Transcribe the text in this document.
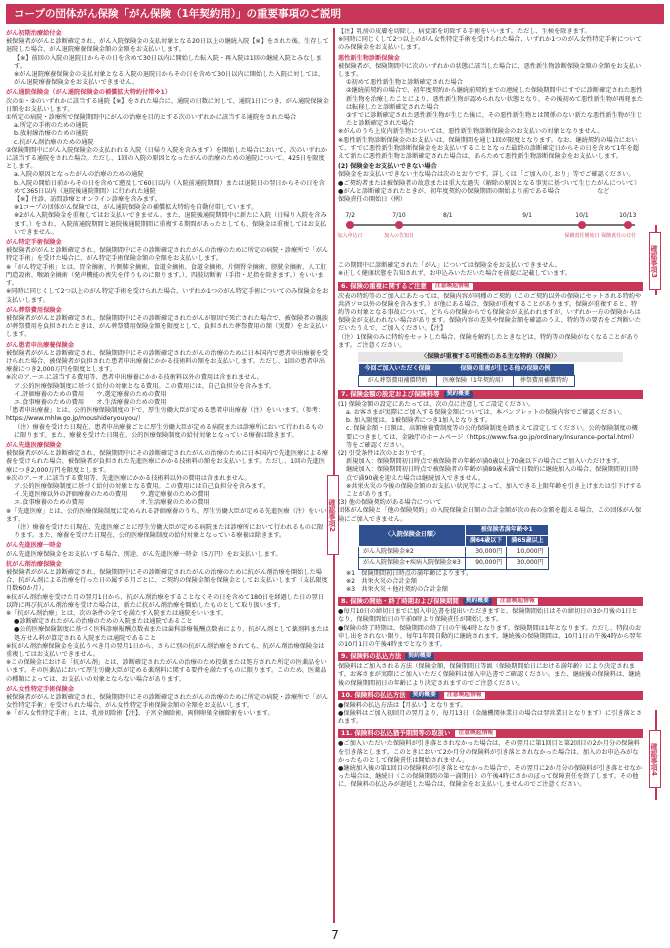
コープの団体がん保険「がん保険（1年契約用）」の重要事項のご説明
確認事項2
確認事項3
確認事項4
がん初期治療給付金

被保険者ががんと診断確定され、がん入院保険金の支払対象となる20日以上の継続入院【※】をされた後、生存して退院した場合、がん退院療養保険金額の金額をお支払いします。

【※】前回の入院の退院日からその日を含めて30日以内に開始した転入院・再入院は1回の継続入院とみなします。

※がん退院療養保険金の支払対象となる入院の退院日からその日を含めて30日以内に開始した入院に対しては、がん退院療養保険金をお支払いできません。

がん通院保険金（がん通院保険金の補償拡大特約付帯※1）

次の①・②のいずれかに該当する通院【※】をされた場合に、通院の日数に対して、通院1日につき、がん通院保険金日額をお支払いします。

①所定の病院・診療所で保険期間中にがんの治療を目的とする次のいずれかに該当する通院をされた場合

a.所定の手術のための通院

b.放射線治療のための通院

c.抗がん剤治療のための通院

②保険期間中にがん入院保険金の支払われる入院（日帰り入院を含みます）を開始した場合において、次のいずれかに該当する通院をされた場合。ただし、1回の入院の原因となったがんの治療のための通院について、425日を限度とします。

a.入院の原因となったがんの治療のための通院

b.入院の開始日前からその日を含めて遡及して60日以内（入院前通院期間）または退院日の翌日からその日を含めて365日以内（退院後通院期間）に行われた通院

【※】往診、訪問診療とオンライン診療を含みます。

※1コープの団体がん保険では、がん通院保険金の補償拡大特約を自動付帯しています。

※2がん入院保険金を重複してはお支払いできません。また、退院後通院期間中に新たに入院（日帰り入院を含みます。）をされ、入院前通院期間と退院後通院期間に重複する期間があったとしても、保険金は重複してはお支払いできません。

がん特定手術保険金

被保険者ががんと診断確定され、保険期間中にその診断確定されたがんの治療のために所定の病院・診療所で「がん特定手術」を受けた場合に、がん特定手術保険金額の全額をお支払いします。

※「がん特定手術」とは、胃全摘術、片側肺全摘術、食道全摘術、食道全摘術、片側腎全摘術、膀胱全摘術、人工肛門造設術、喉頭全摘術（発声機能の喪失を伴うものに限ります。）、四肢切断術（手指・足指を除きます。）をいいます。

※同時に同じくして2つ以上のがん特定手術を受けられた場合、いずれか1つのがん特定手術についてのみ保険金をお支払いします。

がん葬祭費用保険金

被保険者ががんと診断確定され、保険期間中にその診断確定されたがんが原因で死亡された場合で、被保険者の親族が葬祭費用を負担されたときは、がん葬祭費用保険金額を限度として、負担された葬祭費用の額（実費）をお支払いします。

がん患者申出療養保険金

被保険者ががんと診断確定され、保険期間中にその診断確定されたがんの治療のために日本国内で患者申出療養を受けられた場合、被保険者が負担された患者申出療養にかかる技術料の額をお支払いします。ただし、1回の患者申出療養につき2,000万円を限度とします。

※次のア.～エ.に該当する費用等、患者申出療養にかかる技術料以外の費用は含まれません。

ア.公的医療保険制度に基づく給付の対象となる費用。この費用には、自己負担分を含みます。

イ.評価療養のための費用　　ウ.選定療養のための費用

エ.食事療養のための費用　　オ.生活療養のための費用

「患者申出療養」とは、公的医療保険制度の下で、厚生労働大臣が定める患者申出療養（注）をいいます。（参考：https://www.mhlw.go.jp/moushideryouyou/）

（注）療養を受けた日現在、患者申出療養ごとに厚生労働大臣が定める病院または診療所において行われるものに限ります。また、療養を受けた日現在、公的医療保険制度の給付対象となっている療養は除きます。

がん先進医療保険金

被保険者ががんと診断確定され、保険期間中にその診断確定されたがんの治療のために日本国内で先進医療による療養を受けられた場合、被保険者が負担された先進医療にかかる技術料の額をお支払いします。ただし、1回の先進医療につき2,000万円を限度とします。

※次のア.～オ.に該当する費用等、先進医療にかかる技術料以外の費用は含まれません。

ア.公的医療保険制度に基づく給付の対象となる費用。この費用には自己負担分を含みます。

イ.先進医療以外の評価療養のための費用　　ウ.選定療養のための費用

エ.食事療養のための費用　　　　　　　　　オ.生活療養のための費用

※「先進医療」とは、公的医療保険制度に定められる評価療養のうち、厚生労働大臣が定める先進医療（注）をいいます。

（注）療養を受けた日現在、先進医療ごとに厚生労働大臣が定める病院または診療所において行われるものに限ります。また、療養を受けた日現在、公的医療保険制度の給付対象となっている療養は除きます。

がん先進医療一時金

がん先進医療保険金をお支払いする場合、別途、がん先進医療一時金（5万円）をお支払いします。

抗がん剤治療保険金

被保険者ががんと診断確定され、保険期間中にその診断確定されたがんの治療のために抗がん剤治療を開始した場合、抗がん剤による治療を行った日の属する月ごとに、ご契約の保険金額を保険金としてお支払いします（支払限度月数60か月）。

※抗がん剤治療を受けた月の翌月1日から、抗がん剤治療をすることなくその日を含めて180日を経過した日の翌日以降に再び抗がん剤治療を受けた場合は、新たに抗がん剤治療を開始したものとして取り扱います。

※「抗がん剤治療」とは、次の条件の全てを満たす入院または通院をいいます。

●診断確定されたがんの治療のための入院または通院であること

●公的医療保険制度に基づく医科診療報酬点数表または歯科診療報酬点数表により、抗がん剤として薬剤料または処方せん料が算定される入院または通院であること

※抗がん剤治療保険金を支払うべき月の翌月1日から、さらに別の抗がん剤治療をされても、抗がん剤治療保険金は重複してはお支払いできません。

※この保険金における「抗がん剤」とは、診断確定されたがんの治療のため投薬または処方された所定の医薬品をいいます。その医薬品において厚生労働大臣が定める薬剤料に関する要件を満たすものに限ります。このため、医薬品の種類によっては、お支払いの対象とならない場合があります。

がん女性特定手術保険金

被保険者ががんと診断確定され、保険期間中にその診断確定されたがんの治療のために所定の病院・診療所で「がん女性特定手術」を受けられた場合、がん女性特定手術保険金額の全額をお支払いします。

※「がん女性特定手術」とは、乳房切除術【注】、子宮全摘除術、両側卵巣全摘除術をいいます。

【注】乳房の皮膚を切除し、病変部を切除する手術をいいます。ただし、生検を除きます。

※同時に同じくして2つ以上のがん女性特定手術を受けられた場合、いずれか1つのがん女性特定手術についてのみ保険金をお支払いします。

悪性新生物診断保険金

被保険者が、保険期間中に次のいずれかの状態に該当した場合に、悪性新生物診断保険金額の全額をお支払いします。

①初めて悪性新生物と診断確定された場合

②継続前契約の場合で、初年度契約から継続前契約までの連続した保険期間中にすでに診断確定された悪性新生物を治療したことにより、悪性新生物が認められない状態となり、その後初めて悪性新生物が再発または転移したと診断確定された場合

③すでに診断確定された悪性新生物が生じた後に、その悪性新生物とは関係のない新たな悪性新生物が生じたと診断確定された場合

※がんのうち上皮内新生物については、悪性新生物診断保険金のお支払いの対象となりません。

※悪性新生物診断保険金のお支払いは、保険期間を通じ1回が限度となります。なお、継続契約の場合において、すでに悪性新生物診断保険金をお支払いすることとなった最終の診断確定日からその日を含めて1年を超えて新たに悪性新生物と診断確定された場合は、あらためて悪性新生物診断保険金をお支払いします。

(2) 保険金をお支払いできない場合

保険金をお支払いできない主な場合は次のとおりです。詳しくは「ご加入のしおり」等でご確認ください。

●ご契約者または被保険者の故意または重大な過失（解除の原因となる事実に基づいて生じたがんについて）

●がんと診断確定されたときが、初年度契約の保険期間の開始より前である場合　　　　　　など

保険責任の開始日（例）

7/2
加入申込日
7/10
加入の告知日
8/1	9/1	10/1
保険責任開始日
10/13
保険責任の日付

この期間中に診断確定された「がん」については保険金をお支払いできません。

※正しく健康状態を告知されず、お申込みいただいた場合を前提に記載しています。

6. 保険の重複に関するご注意	注意喚起情報

次表の特約等のご加入にあたっては、保険内容が同種のご契約（このご契約以外の保険にセットされる特約や共済ソロ以外の保険を含みます。）が他にある場合、保険が重複することがあります。保険が重複すると、特約等の対象となる事故について、どちらの保険からでも保険金が支払われますが、いずれか一方の保険からは保険金が支払われない場合があります。保険内容の差異や保険金額を確認のうえ、特約等の要否をご判断いただいたうえで、ご加入ください。【注】

（注）1保険のみに特約をセットした場合、保険を解約したときなどは、特約等の保険がなくなることがあります。ご注意ください。

〈保険が重複する可能性のある主な特約（保険）〉
今回ご加入いただく保険	保険の重複が生じる他の保険の例	
がん葬祭費用補償特約	医療保険（1年契約用）	葬祭費用補償特約
7. 保険金額の設定および保険料等	契約概要

(1) 保険金額の設定にあたっては、次の点に注意してご設定ください。

a. お客さまが実際にご加入する保険金額については、本パンフレットの保険内容でご確認ください。

b. 加入限度は、1被保険者につき1加入となります。

c. 保険金額・日額は、高額療養費制度等の公的保険制度を踏まえて設定してください。公的保険制度の概要につきましては、金融庁のホームページ（https://www.fsa.go.jp/ordinary/insurance-portal.html）等をご確認ください。

(2) 引受条件は次のとおりです。

新規加入：保険期間初日時点で被保険者の年齢が満0歳以上70歳以下の場合にご加入いただけます。

継続加入：保険期間初日時点で被保険者の年齢が満89歳未満で日数的に継続加入の場合、保険期間初日時点で満90歳を迎えた場合は継続加入できません。

※共栄火災の今後の保険金額のお支払い状況等によって、加入できる上限年齢を引き上げまたは引下げすることがあります。

(3) 他の保険契約がある場合について

団体がん保険と「他の保険契約」の入院保険金日額の合計金額が次の表の金額を超える場合、この団体がん保険にご加入できません。

〈入院保険金日額〉	被保険者満年齢※1	
	満64歳以下	満65歳以上
がん入院保険金※2	30,000円	10,000円
がん入院保険金+疾病入院保険金※3	90,000円	30,000円

※1　保険期間初日時点の満年齢によります。

※2　共栄火災の合計金額

※3　共栄火災＋他社契約の合計金額

8. 保険の開始・終了時期および保険期間	契約概要	注意喚起情報

●毎月10日の締切日までに加入申込書を提出いただきますと、保険期間始日はその締切日の3か月後の1日となり、保険期間始日の午前0時より保険責任が開始します。

●保険の終了時期は、保険期間の終了日の午後4時となります。保険期間は1年となります。ただし、特段のお申し出をされない限り、毎年1年間自動的に継続されます。継続後の保険期間は、10月1日の午後4時から翌年の10月1日の午後4時までとなります。

9. 保険料の払込方法	契約概要

保険料はご加入される方法（保険金額、保険期間日等級（保険期間始日における満年齢）により決定されます。お客さまが実際にご加入いただく保険料は加入申込書でご確認ください。また、継続後の保険料は、継続後の保険期間初日の年齢により決定されますのでご注意ください。

10. 保険料の払込方法	契約概要	注意喚起情報

●保険料の払込方法は【月払い】となります。

●保険料はご加入初回月の翌月より、毎月13日（金融機関休業日の場合は翌営業日となります）に引き落とされます。

11. 保険料の払込猶予期間等の取扱い	注意喚起情報

●ご加入いただいた保険料が引き落とされなかった場合は、その翌月に第1回目と第2回目の2か月分の保険料を引き落とします。このときにおいて2か月分の保険料が引き落とされなかった場合は、加入のお申込みがなかったものとして保険責任は開始されません。

●継続加入後の第1回目の保険料が引き落とせなかった場合で、その翌月に2か月分の保険料が引き落とせなかった場合は、継続日（この保険期間の第一満期日）の午後4時にさかのぼって保障責任を終了します。その他に、保険料の払込みが遅延した場合は、保険金をお支払いしませんのでご注意ください。

7
